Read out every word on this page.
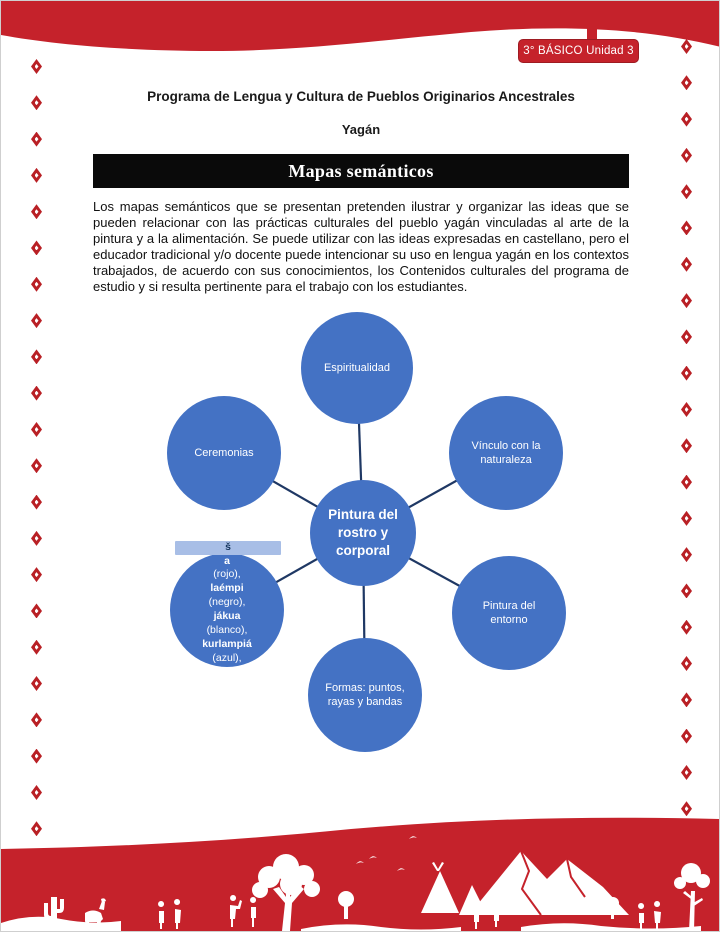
3° BÁSICO Unidad 3
Programa de Lengua y Cultura de Pueblos Originarios Ancestrales
Yagán
Mapas semánticos

Los mapas semánticos que se presentan pretenden ilustrar y organizar las ideas que se pueden relacionar con las prácticas culturales del pueblo yagán vinculadas al arte de la pintura y a la alimentación. Se puede utilizar con las ideas expresadas en castellano, pero el educador tradicional y/o docente puede intencionar su uso en lengua yagán en los contextos trabajados, de acuerdo con sus conocimientos, los Contenidos culturales del programa de estudio y si resulta pertinente para el trabajo con los estudiantes.

Espiritualidad
Vínculo con la naturaleza
Ceremonias
Pintura del rostro y corporal
Colores: lu
š
a
(rojo),
laémpi
(negro),
jákua
(blanco),
kurlampiá
(azul),
aralampia
(verde)
Pintura del entorno
Formas: puntos, rayas y bandas
